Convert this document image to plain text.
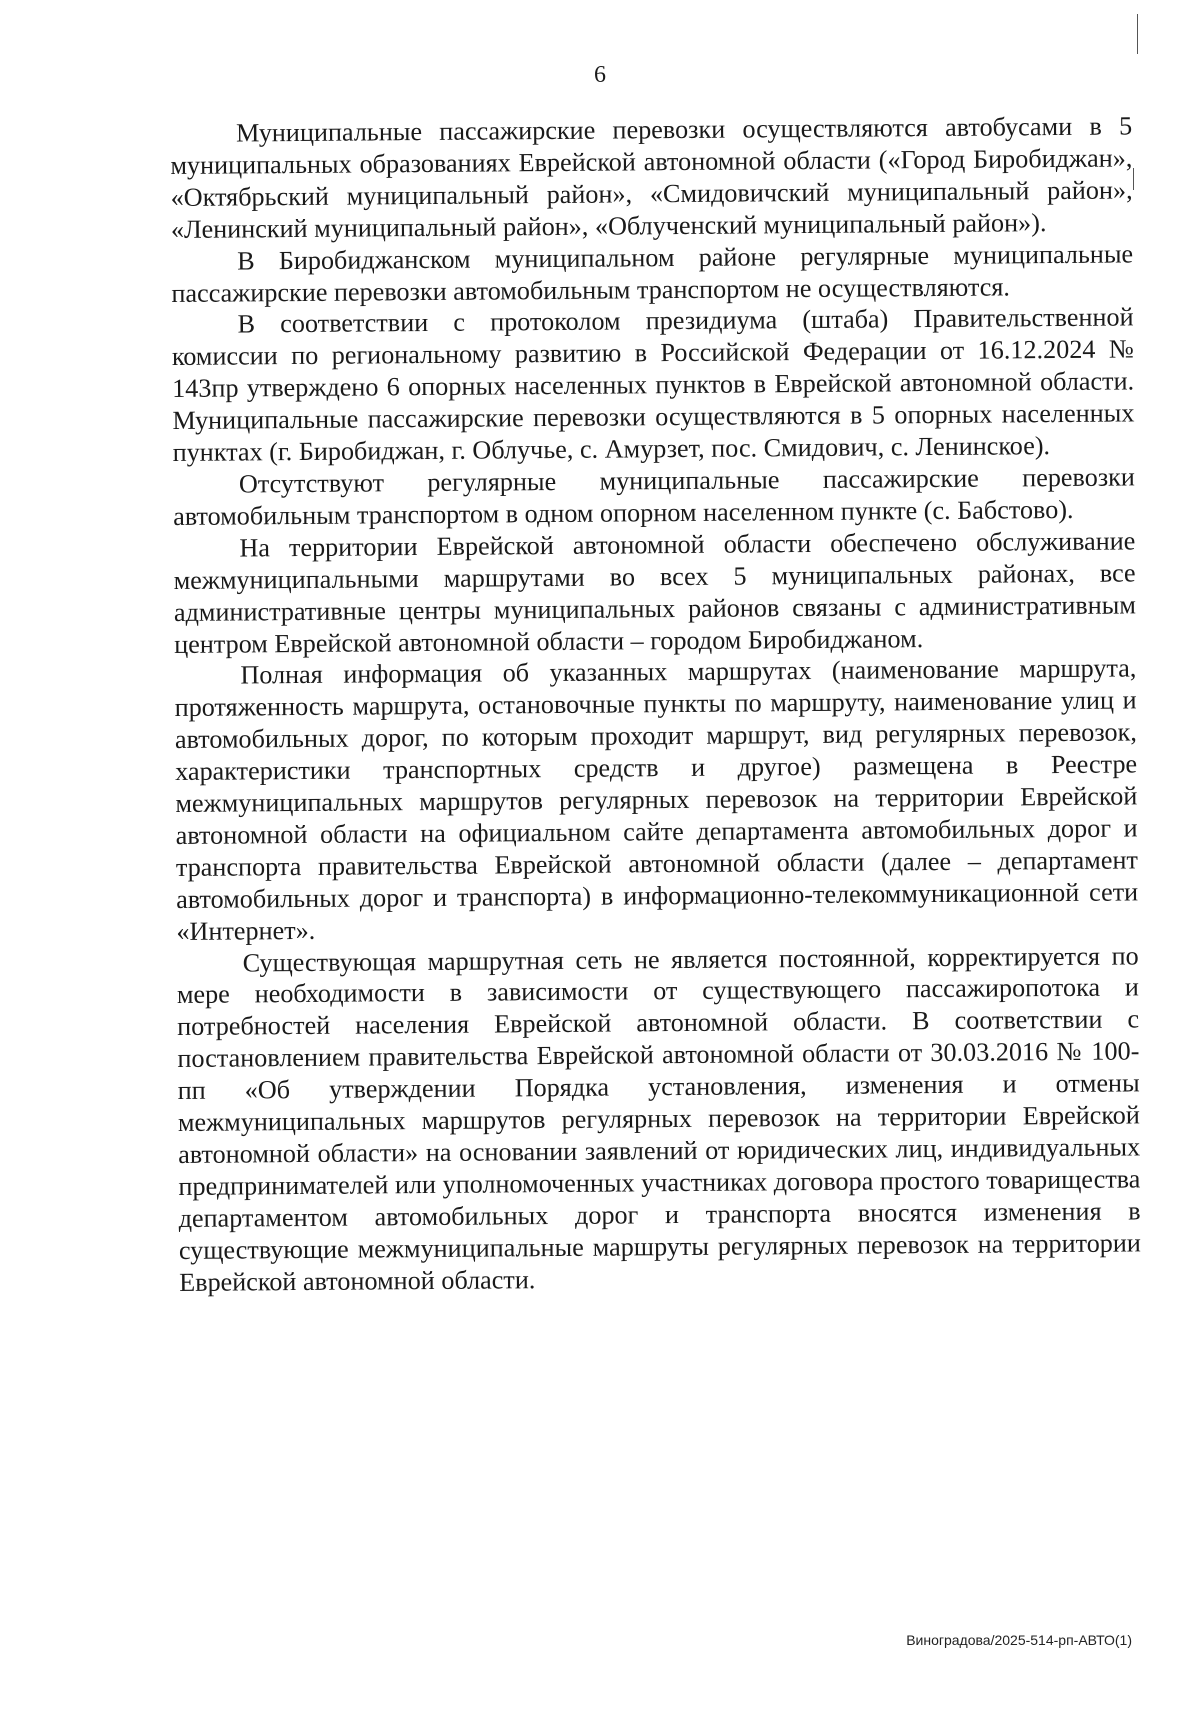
6

Муниципальные пассажирские перевозки осуществляются автобусами в 5 муниципальных образованиях Еврейской автономной области («Город Биробиджан», «Октябрьский муниципальный район», «Смидовичский муниципальный район», «Ленинский муниципальный район», «Облученский муниципальный район»).

В Биробиджанском муниципальном районе регулярные муниципальные пассажирские перевозки автомобильным транспортом не осуществляются.

В соответствии с протоколом президиума (штаба) Правительственной комиссии по региональному развитию в Российской Федерации от 16.12.2024 № 143пр утверждено 6 опорных населенных пунктов в Еврейской автономной области. Муниципальные пассажирские перевозки осуществляются в 5 опорных населенных пунктах (г. Биробиджан, г. Облучье, с. Амурзет, пос. Смидович, с. Ленинское).

Отсутствуют регулярные муниципальные пассажирские перевозки автомобильным транспортом в одном опорном населенном пункте (с. Бабстово).

На территории Еврейской автономной области обеспечено обслуживание межмуниципальными маршрутами во всех 5 муниципальных районах, все административные центры муниципальных районов связаны с административным центром Еврейской автономной области – городом Биробиджаном.

Полная информация об указанных маршрутах (наименование маршрута, протяженность маршрута, остановочные пункты по маршруту, наименование улиц и автомобильных дорог, по которым проходит маршрут, вид регулярных перевозок, характеристики транспортных средств и другое) размещена в Реестре межмуниципальных маршрутов регулярных перевозок на территории Еврейской автономной области на официальном сайте департамента автомобильных дорог и транспорта правительства Еврейской автономной области (далее – департамент автомобильных дорог и транспорта) в информационно-телекоммуникационной сети «Интернет».

Существующая маршрутная сеть не является постоянной, корректируется по мере необходимости в зависимости от существующего пассажиропотока и потребностей населения Еврейской автономной области. В соответствии с постановлением правительства Еврейской автономной области от 30.03.2016 № 100-пп «Об утверждении Порядка установления, изменения и отмены межмуниципальных маршрутов регулярных перевозок на территории Еврейской автономной области» на основании заявлений от юридических лиц, индивидуальных предпринимателей или уполномоченных участниках договора простого товарищества департаментом автомобильных дорог и транспорта вносятся изменения в существующие межмуниципальные маршруты регулярных перевозок на территории Еврейской автономной области.

Виноградова/2025-514-рп-АВТО(1)
